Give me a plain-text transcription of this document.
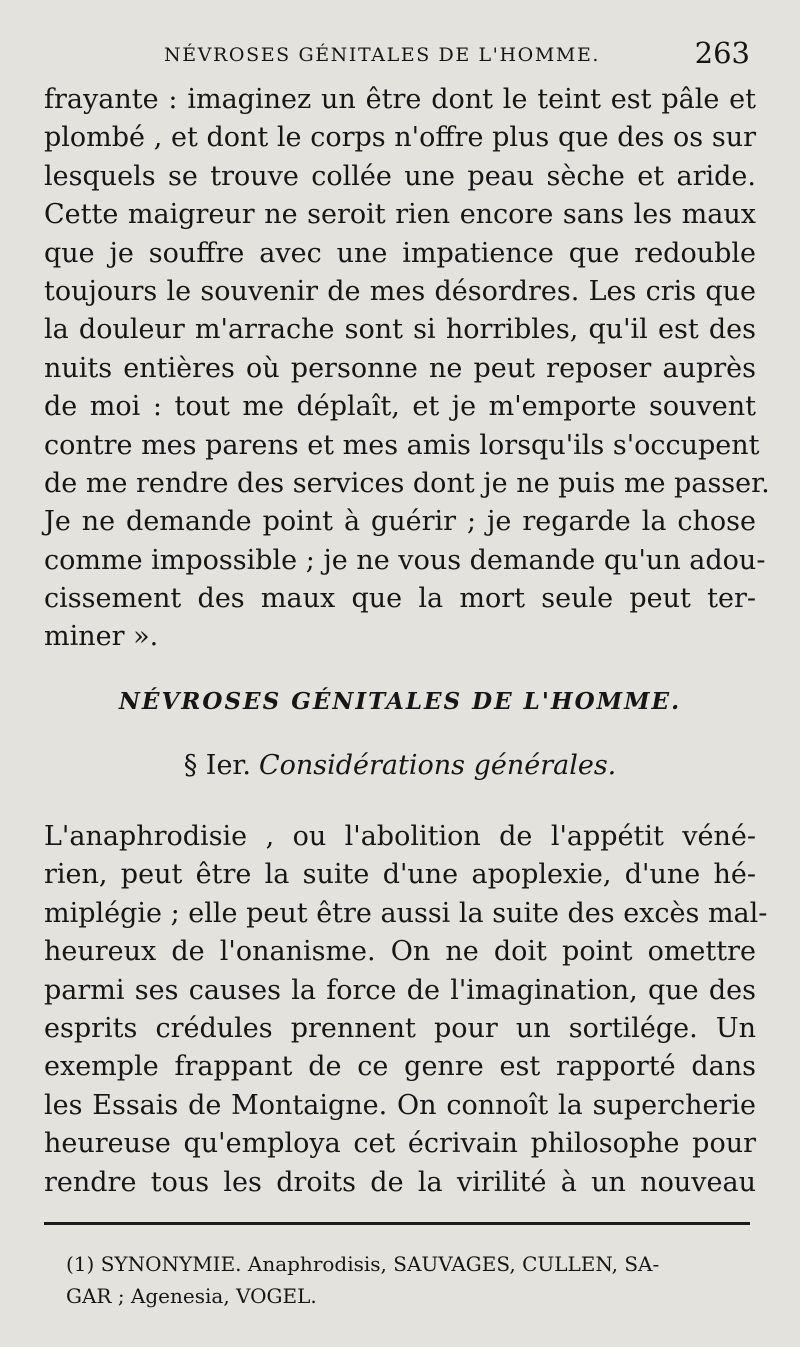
NÉVROSES GÉNITALES DE L'HOMME.	263
frayante : imaginez un être dont le teint est pâle et
plombé , et dont le corps n'offre plus que des os sur
lesquels se trouve collée une peau sèche et aride.
Cette maigreur ne seroit rien encore sans les maux
que je souffre avec une impatience que redouble
toujours le souvenir de mes désordres. Les cris que
la douleur m'arrache sont si horribles, qu'il est des
nuits entières où personne ne peut reposer auprès
de moi : tout me déplaît, et je m'emporte souvent
contre mes parens et mes amis lorsqu'ils s'occupent
de me rendre des services dont je ne puis me passer.
Je ne demande point à guérir ; je regarde la chose
comme impossible ; je ne vous demande qu'un adou-
cissement des maux que la mort seule peut ter-
miner ».
NÉVROSES GÉNITALES DE L'HOMME.
§ Ier. Considérations générales.
L'anaphrodisie , ou l'abolition de l'appétit véné-
rien, peut être la suite d'une apoplexie, d'une hé-
miplégie ; elle peut être aussi la suite des excès mal-
heureux de l'onanisme. On ne doit point omettre
parmi ses causes la force de l'imagination, que des
esprits crédules prennent pour un sortilége. Un
exemple frappant de ce genre est rapporté dans
les Essais de Montaigne. On connoît la supercherie
heureuse qu'employa cet écrivain philosophe pour
rendre tous les droits de la virilité à un nouveau
(1) SYNONYMIE. Anaphrodisis, SAUVAGES, CULLEN, SA-
GAR ; Agenesia, VOGEL.
